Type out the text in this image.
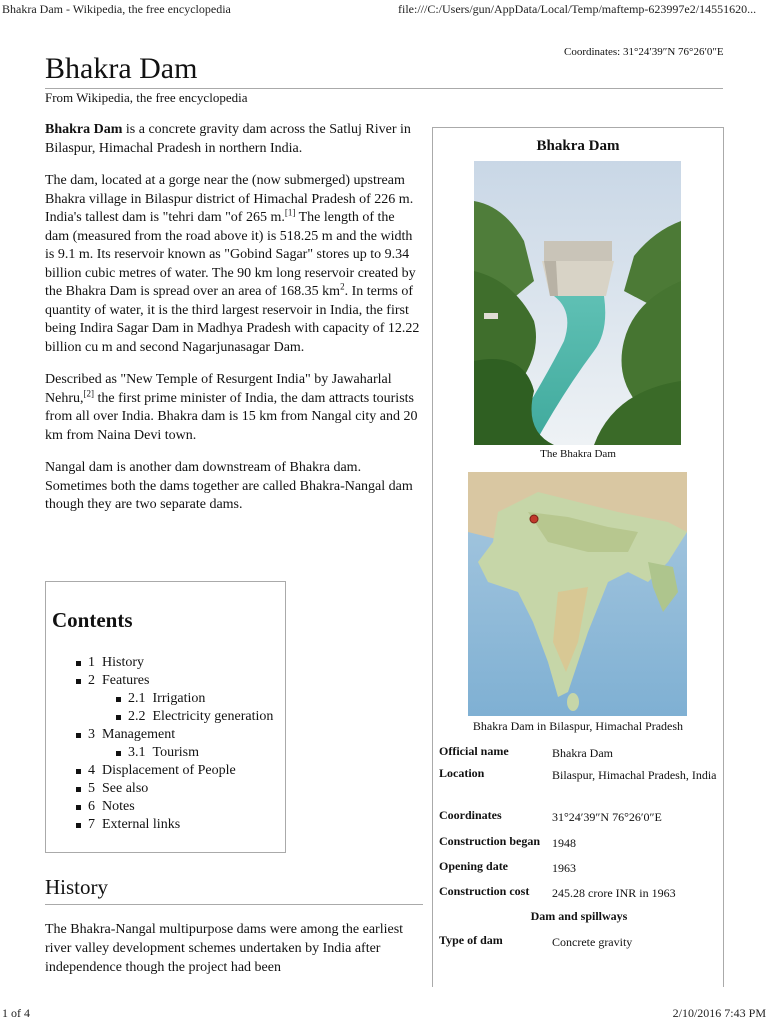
Bhakra Dam - Wikipedia, the free encyclopedia	file:///C:/Users/gun/AppData/Local/Temp/maftemp-623997e2/14551620...
Coordinates: 31°24′39″N 76°26′0″E
Bhakra Dam
From Wikipedia, the free encyclopedia

Bhakra Dam is a concrete gravity dam across the Satluj River in Bilaspur, Himachal Pradesh in northern India.

The dam, located at a gorge near the (now submerged) upstream Bhakra village in Bilaspur district of Himachal Pradesh of 226 m. India's tallest dam is "tehri dam "of 265 m.[1] The length of the dam (measured from the road above it) is 518.25 m and the width is 9.1 m. Its reservoir known as "Gobind Sagar" stores up to 9.34 billion cubic metres of water. The 90 km long reservoir created by the Bhakra Dam is spread over an area of 168.35 $km^2$. In terms of quantity of water, it is the third largest reservoir in India, the first being Indira Sagar Dam in Madhya Pradesh with capacity of 12.22 billion cu m and second Nagarjunasagar Dam.

Described as "New Temple of Resurgent India" by Jawaharlal Nehru,[2] the first prime minister of India, the dam attracts tourists from all over India. Bhakra dam is 15 km from Nangal city and 20 km from Naina Devi town.

Nangal dam is another dam downstream of Bhakra dam. Sometimes both the dams together are called Bhakra-Nangal dam though they are two separate dams.

Contents
1 History
2 Features
2.1 Irrigation
2.2 Electricity generation
3 Management
3.1 Tourism
4 Displacement of People
5 See also
6 Notes
7 External links
History
The Bhakra-Nangal multipurpose dams were among the earliest river valley development schemes undertaken by India after independence though the project had been
Bhakra Dam
The Bhakra Dam
Bhakra Dam in Bilaspur, Himachal Pradesh
Official name	Bhakra Dam
Location	Bilaspur, Himachal Pradesh, India
Coordinates	31°24′39″N 76°26′0″E
Construction began 1948
Opening date	1963
Construction cost 245.28 crore INR in 1963
Dam and spillways
Type of dam	Concrete gravity
1 of 4	2/10/2016 7:43 PM
